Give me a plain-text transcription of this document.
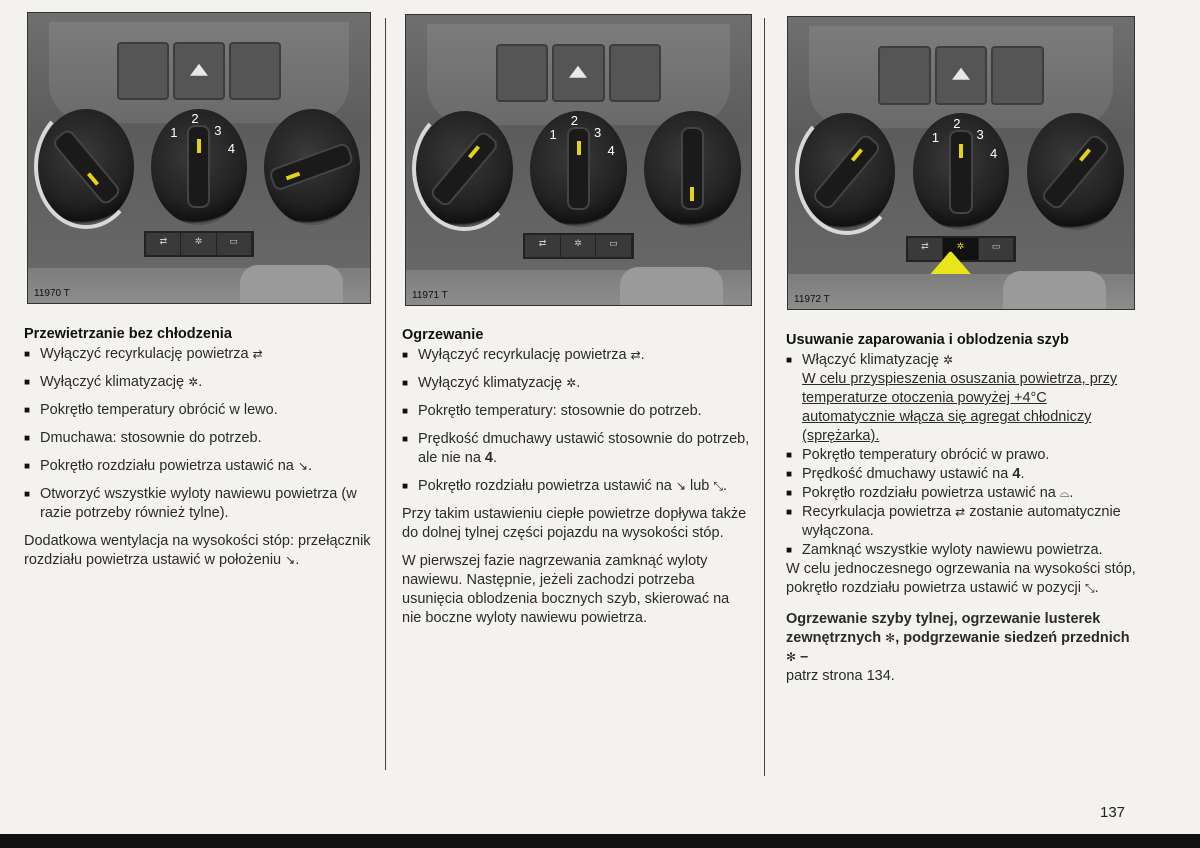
1
2
3
4
⇄	✲	▭
11970 T
1
2
3
4
⇄	✲	▭
11971 T
1
2
3
4
⇄	✲	▭
11972 T
Przewietrzanie bez chłodzenia
■ Wyłączyć recyrkulację powietrza ⇄
■ Wyłączyć klimatyzację ✲.
■ Pokrętło temperatury obrócić w lewo.
■ Dmuchawa: stosownie do potrzeb.
■ Pokrętło rozdziału powietrza ustawić na ↘.
■ Otworzyć wszystkie wyloty nawiewu powietrza (w razie potrzeby również tylne).

Dodatkowa wentylacja na wysokości stóp: przełącznik rozdziału powietrza ustawić w położeniu ↘.

Ogrzewanie
■ Wyłączyć recyrkulację powietrza ⇄.
■ Wyłączyć klimatyzację ✲.
■ Pokrętło temperatury: stosownie do potrzeb.
■ Prędkość dmuchawy ustawić stosownie do potrzeb, ale nie na 4.
■ Pokrętło rozdziału powietrza ustawić na ↘ lub ⤡.

Przy takim ustawieniu ciepłe powietrze dopływa także do dolnej tylnej części pojazdu na wysokości stóp.

W pierwszej fazie nagrzewania zamknąć wyloty nawiewu. Następnie, jeżeli zachodzi potrzeba usunięcia oblodzenia bocznych szyb, skierować na nie boczne wyloty nawiewu powietrza.

Usuwanie zaparowania i oblodzenia szyb
■ Włączyć klimatyzację ✲
W celu przyspieszenia osuszania powietrza, przy temperaturze otoczenia powyżej +4°C automatycznie włącza się agregat chłodniczy (sprężarka).
■ Pokrętło temperatury obrócić w prawo.
■ Prędkość dmuchawy ustawić na 4.
■ Pokrętło rozdziału powietrza ustawić na ⌓.
■ Recyrkulacja powietrza ⇄ zostanie automatycznie wyłączona.
■ Zamknąć wszystkie wyloty nawiewu powietrza.

W celu jednoczesnego ogrzewania na wysokości stóp, pokrętło rozdziału powietrza ustawić w pozycji ⤡.

Ogrzewanie szyby tylnej, ogrzewanie lusterek zewnętrznych ✻, podgrzewanie siedzeń przednich ✻ –
patrz strona 134.

137
